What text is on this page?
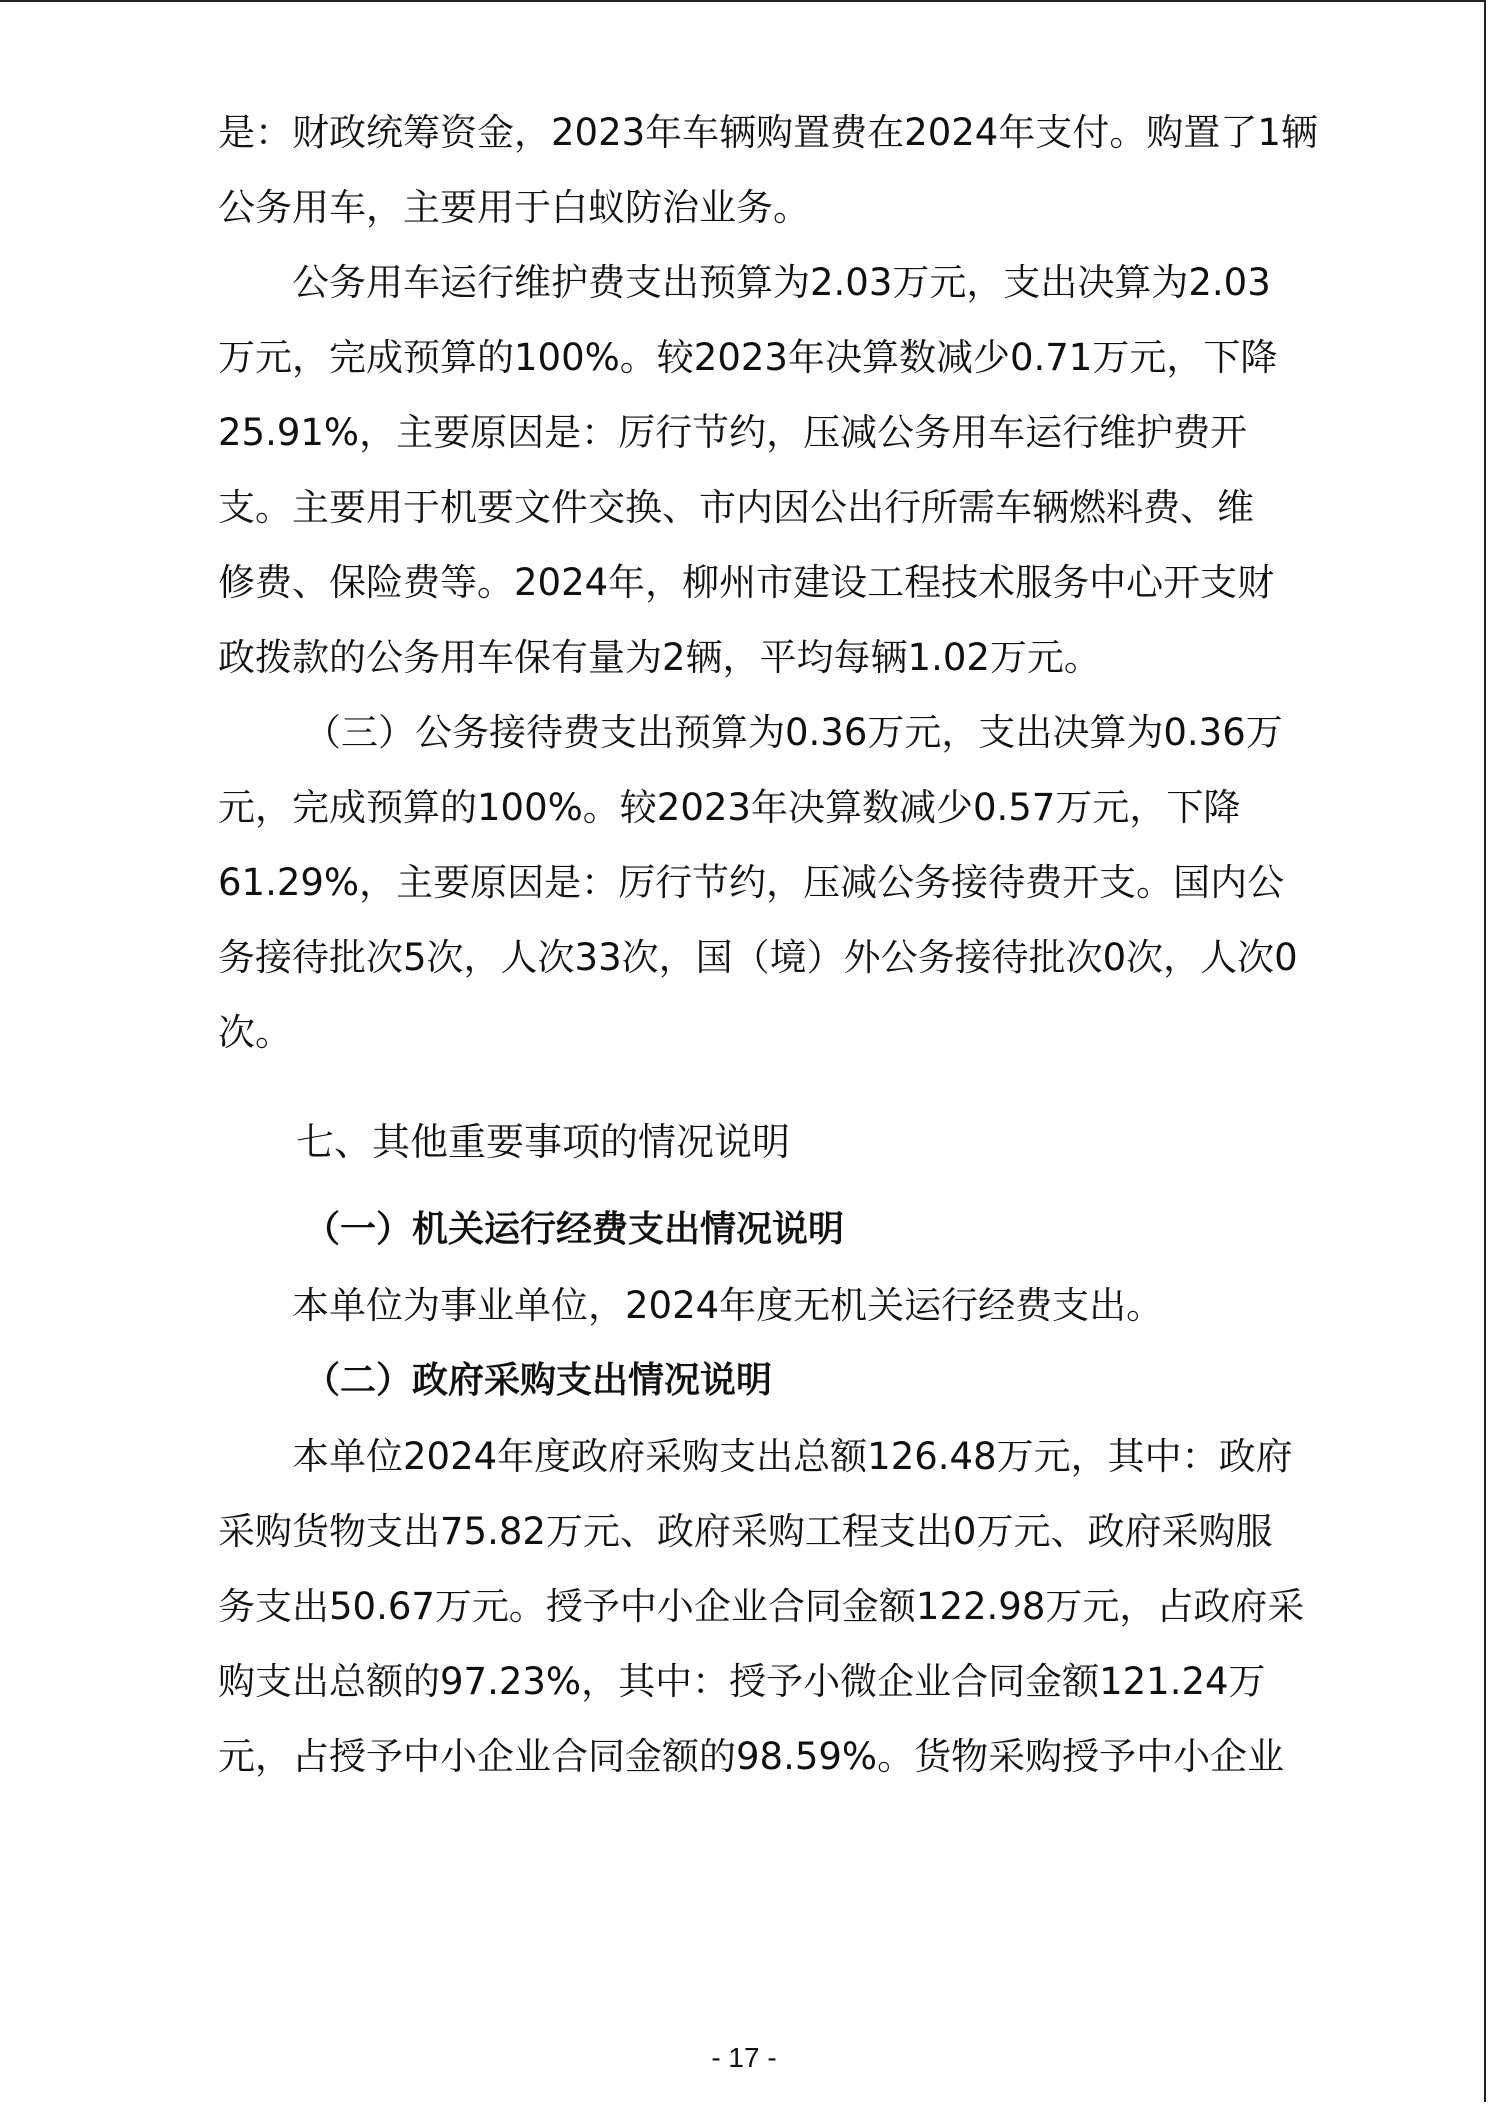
是：财政统筹资金，2023年车辆购置费在2024年支付。购置了1辆
公务用车，主要用于白蚁防治业务。
公务用车运行维护费支出预算为2.03万元，支出决算为2.03
万元，完成预算的100%。较2023年决算数减少0.71万元，下降
25.91%，主要原因是：厉行节约，压减公务用车运行维护费开
支。主要用于机要文件交换、市内因公出行所需车辆燃料费、维
修费、保险费等。2024年，柳州市建设工程技术服务中心开支财
政拨款的公务用车保有量为2辆，平均每辆1.02万元。
（三）公务接待费支出预算为0.36万元，支出决算为0.36万
元，完成预算的100%。较2023年决算数减少0.57万元，下降
61.29%，主要原因是：厉行节约，压减公务接待费开支。国内公
务接待批次5次，人次33次，国（境）外公务接待批次0次，人次0
次。
七、其他重要事项的情况说明
（一）机关运行经费支出情况说明
本单位为事业单位，2024年度无机关运行经费支出。
（二）政府采购支出情况说明
本单位2024年度政府采购支出总额126.48万元，其中：政府
采购货物支出75.82万元、政府采购工程支出0万元、政府采购服
务支出50.67万元。授予中小企业合同金额122.98万元，占政府采
购支出总额的97.23%，其中：授予小微企业合同金额121.24万
元，占授予中小企业合同金额的98.59%。货物采购授予中小企业
- 17 -
